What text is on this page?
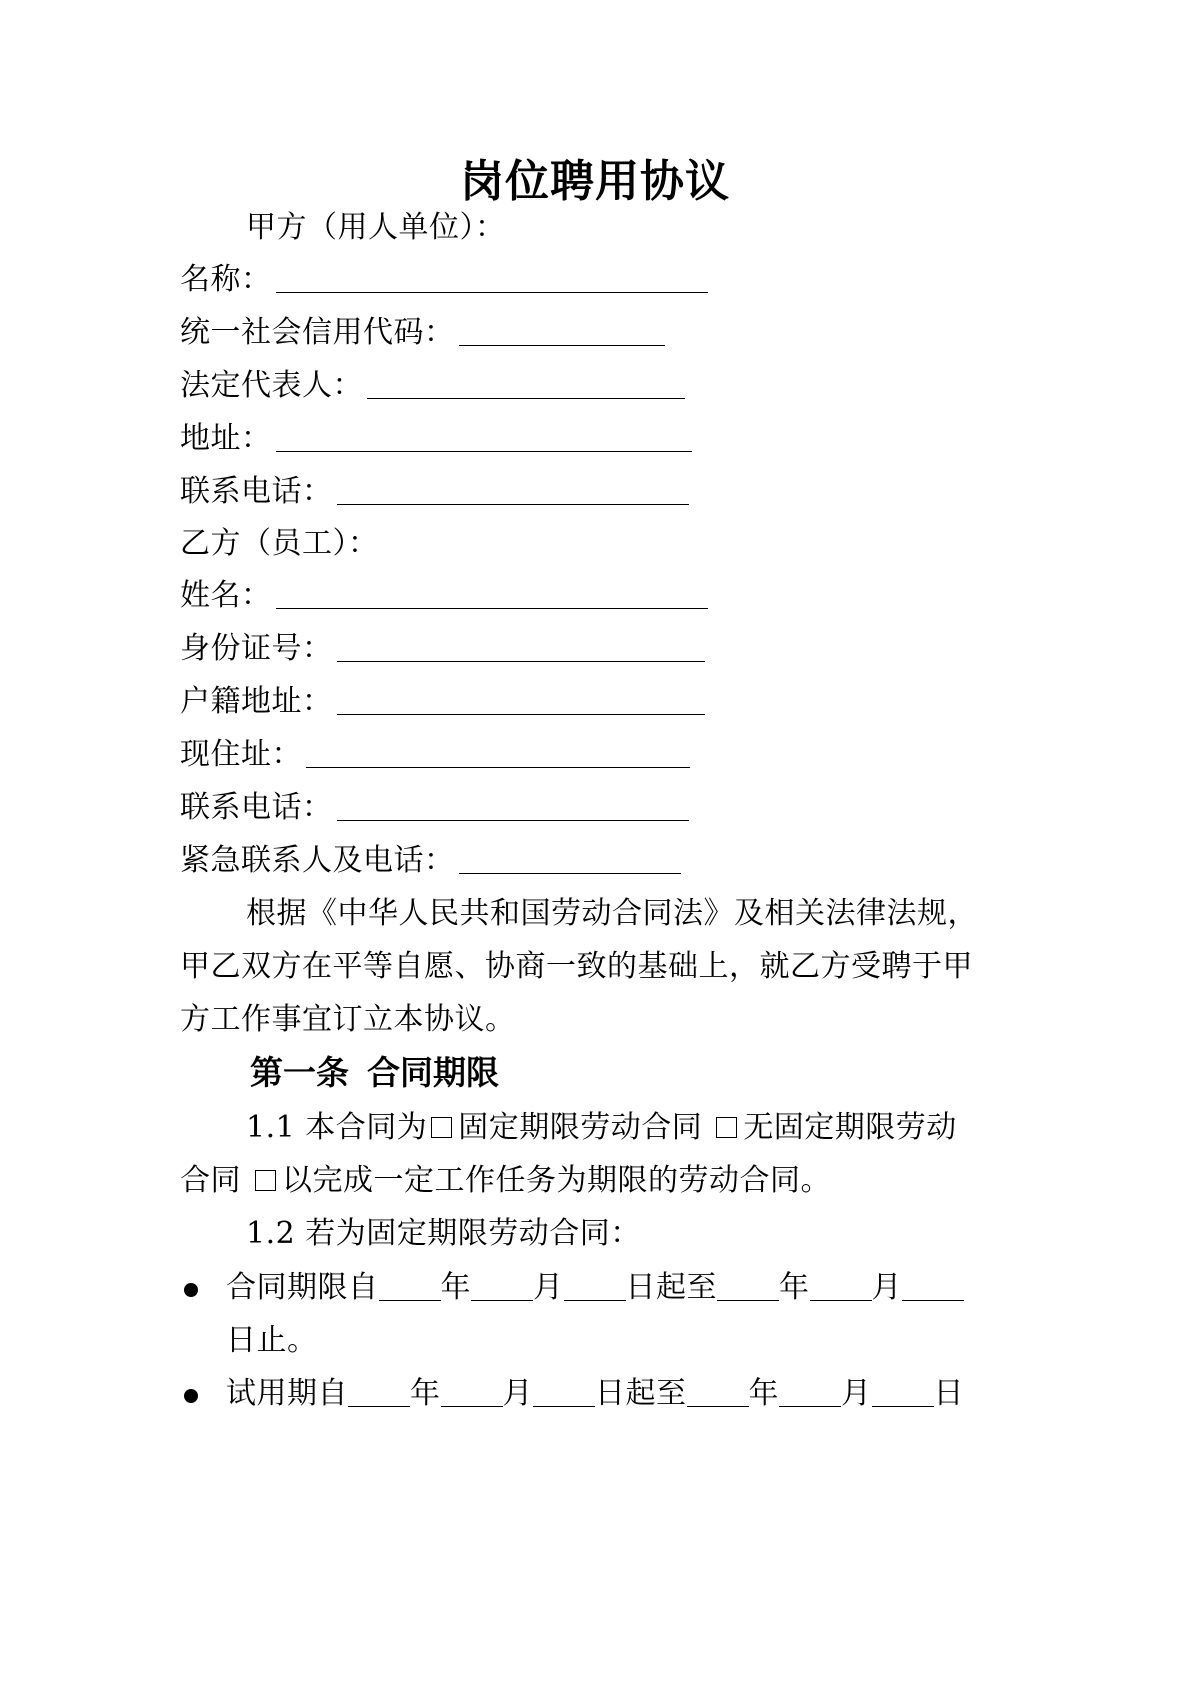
岗位聘用协议
甲方（用人单位）：
名称：
统一社会信用代码：
法定代表人：
地址：
联系电话：
乙方（员工）：
姓名：
身份证号：
户籍地址：
现住址：
联系电话：
紧急联系人及电话：
根据《中华人民共和国劳动合同法》及相关法律法规，
甲乙双方在平等自愿、协商一致的基础上，就乙方受聘于甲
方工作事宜订立本协议。
第一条 合同期限
1.1 本合同为 固定期限劳动合同 无固定期限劳动
合同 以完成一定工作任务为期限的劳动合同。
1.2 若为固定期限劳动合同：
合同期限自 年 月 日起至 年 月
日止。
试用期自 年 月 日起至 年 月 日
